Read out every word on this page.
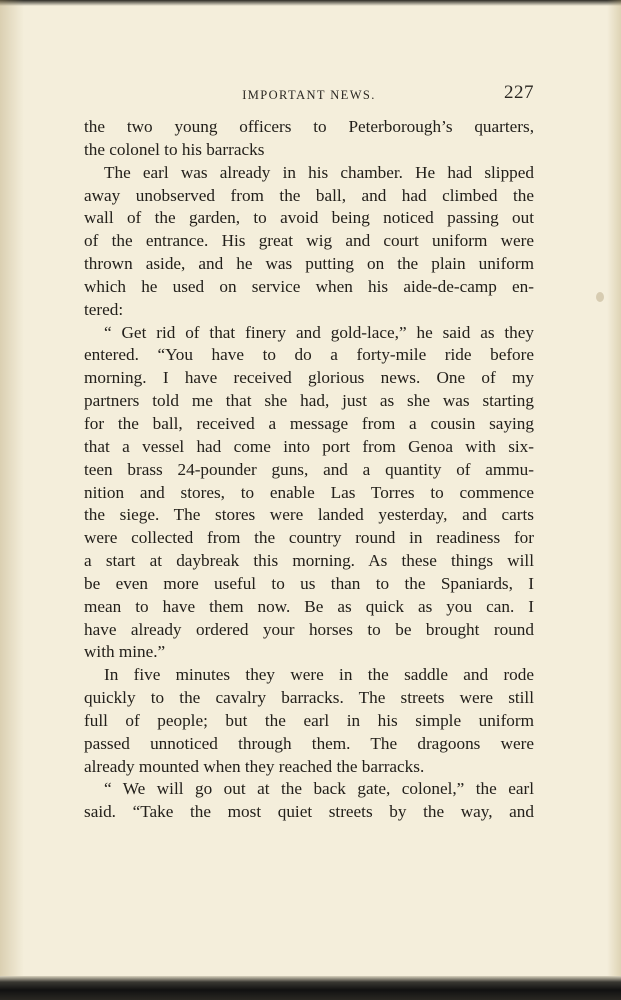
IMPORTANT NEWS.	227
the two young officers to Peterborough’s quarters,
the colonel to his barracks
The earl was already in his chamber. He had slipped
away unobserved from the ball, and had climbed the
wall of the garden, to avoid being noticed passing out
of the entrance. His great wig and court uniform were
thrown aside, and he was putting on the plain uniform
which he used on service when his aide-de-camp en-
tered:
“ Get rid of that finery and gold-lace,” he said as they
entered. “You have to do a forty-mile ride before
morning. I have received glorious news. One of my
partners told me that she had, just as she was starting
for the ball, received a message from a cousin saying
that a vessel had come into port from Genoa with six-
teen brass 24-pounder guns, and a quantity of ammu-
nition and stores, to enable Las Torres to commence
the siege. The stores were landed yesterday, and carts
were collected from the country round in readiness for
a start at daybreak this morning. As these things will
be even more useful to us than to the Spaniards, I
mean to have them now. Be as quick as you can. I
have already ordered your horses to be brought round
with mine.”
In five minutes they were in the saddle and rode
quickly to the cavalry barracks. The streets were still
full of people; but the earl in his simple uniform
passed unnoticed through them. The dragoons were
already mounted when they reached the barracks.
“ We will go out at the back gate, colonel,” the earl
said. “Take the most quiet streets by the way, and
